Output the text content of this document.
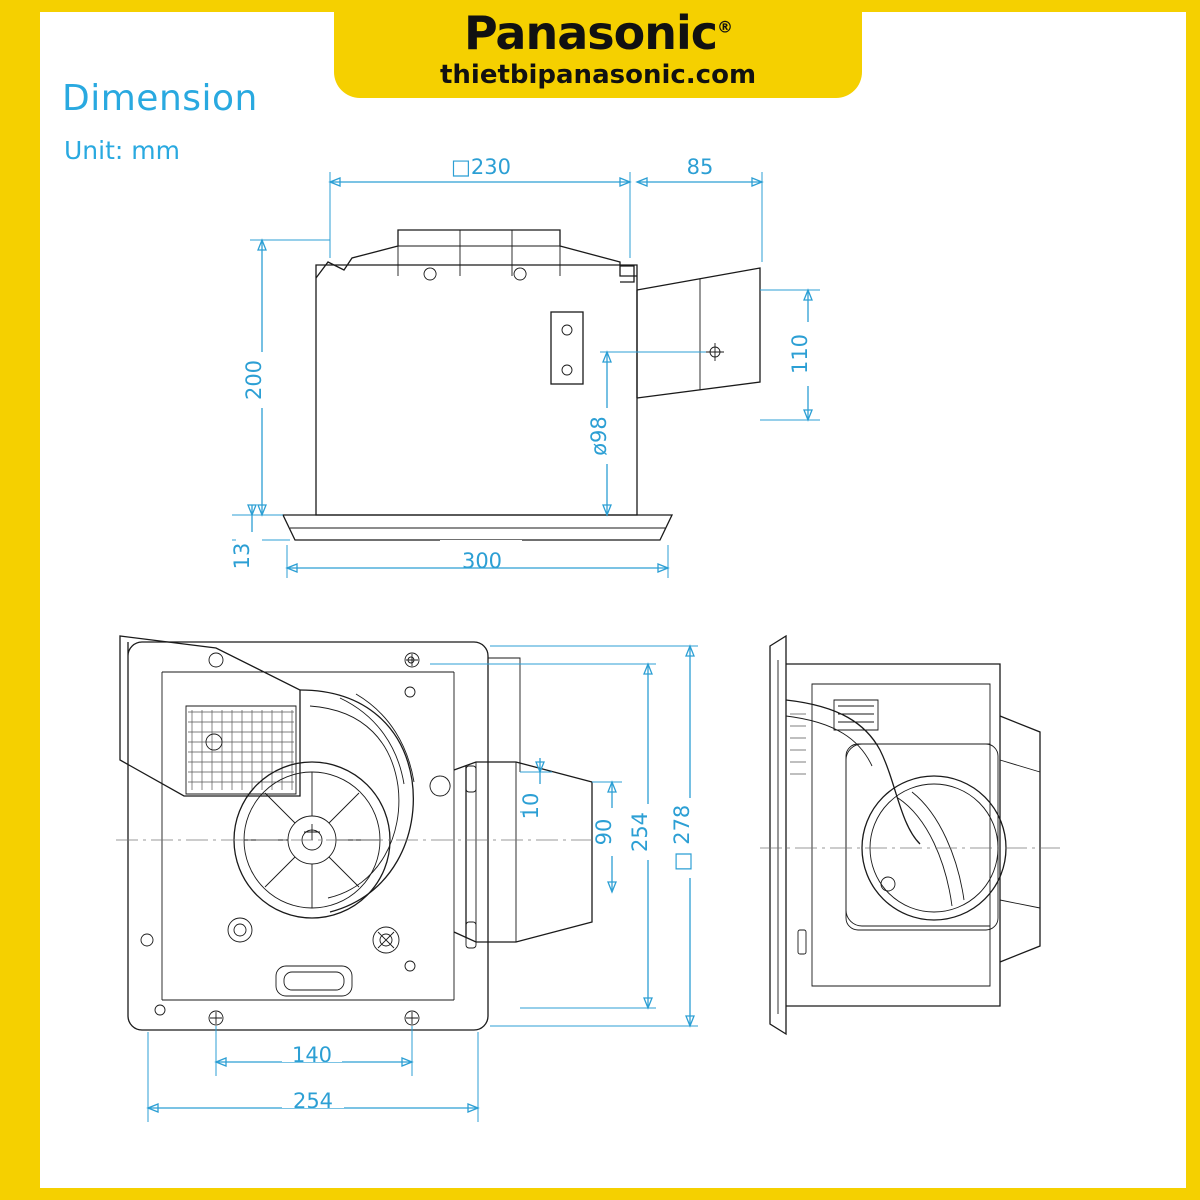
Panasonic®
thietbipanasonic.com
Dimension
Unit: mm
□230	85
200
ø98
110
13	300
10
90 254 □ 278
140
254
